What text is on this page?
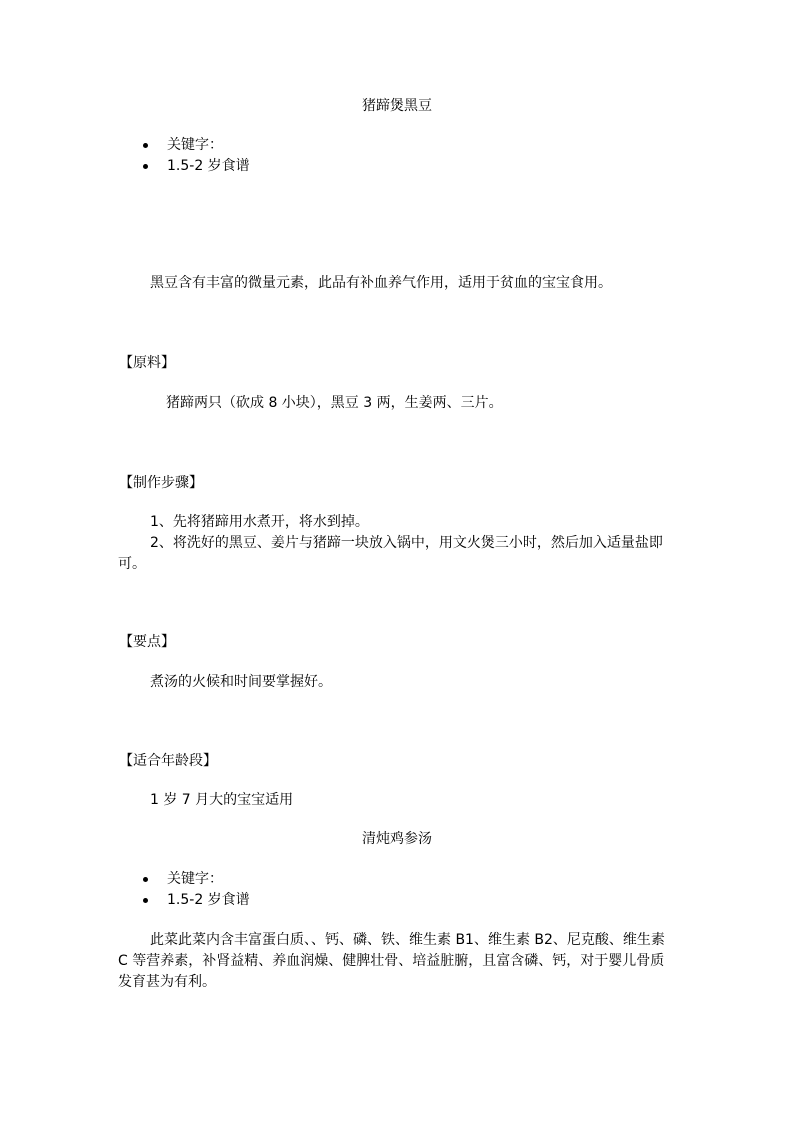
猪蹄煲黑豆

关键字：
1.5-2 岁食谱

黑豆含有丰富的微量元素，此品有补血养气作用，适用于贫血的宝宝食用。

【原料】

猪蹄两只（砍成 8 小块），黑豆 3 两，生姜两、三片。

【制作步骤】

1、先将猪蹄用水煮开，将水到掉。

2、将洗好的黑豆、姜片与猪蹄一块放入锅中，用文火煲三小时，然后加入适量盐即可。

【要点】

煮汤的火候和时间要掌握好。

【适合年龄段】

1 岁 7 月大的宝宝适用

清炖鸡参汤

关键字：
1.5-2 岁食谱

此菜此菜内含丰富蛋白质、、钙、磷、铁、维生素 B1、维生素 B2、尼克酸、维生素 C 等营养素，补肾益精、养血润燥、健脾壮骨、培益脏腑，且富含磷、钙，对于婴儿骨质发育甚为有利。
